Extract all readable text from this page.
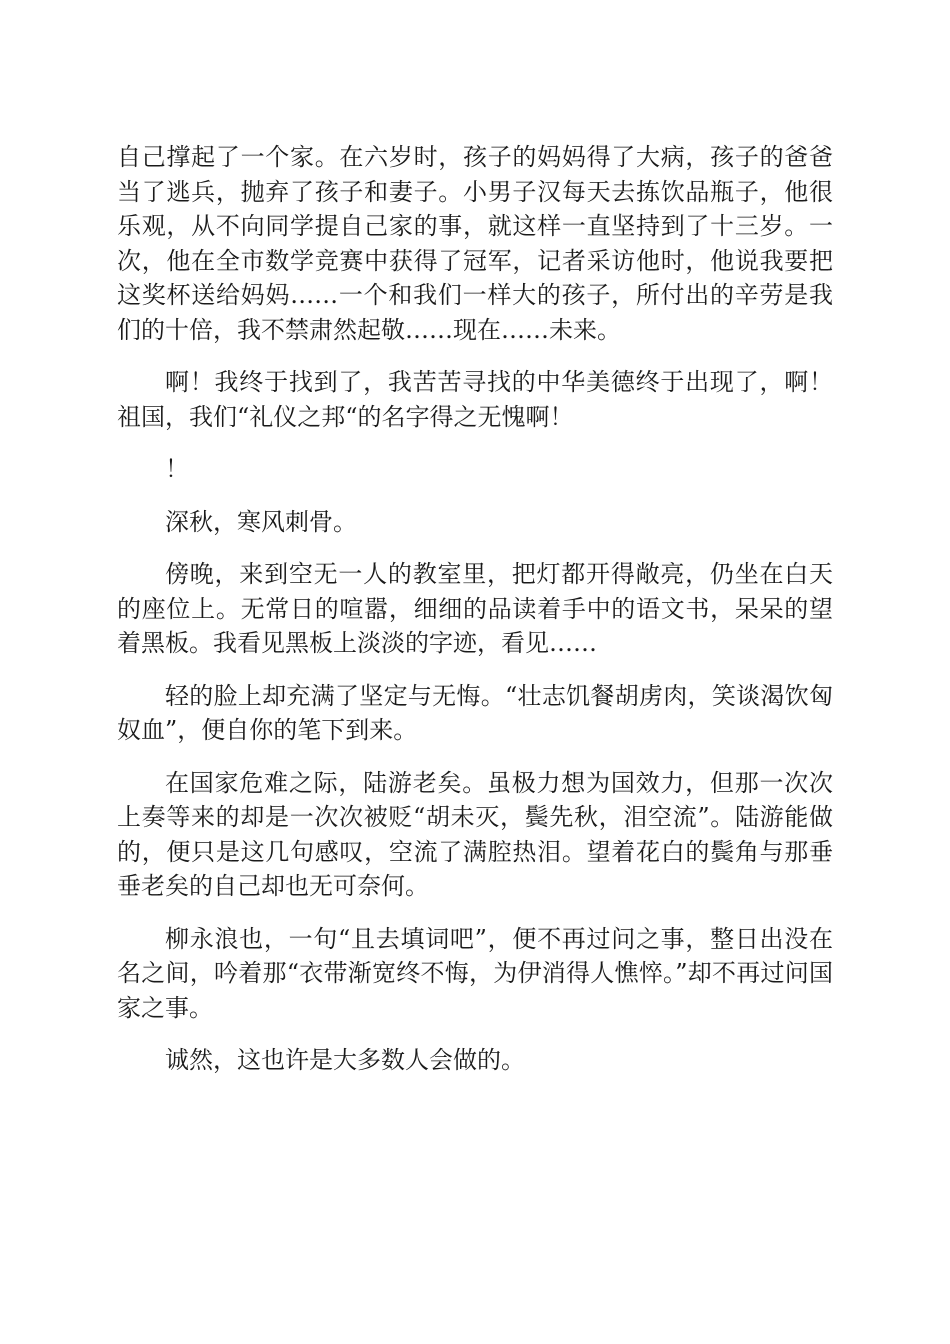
自己撑起了一个家。在六岁时，孩子的妈妈得了大病，孩子的爸爸当了逃兵，抛弃了孩子和妻子。小男子汉每天去拣饮品瓶子，他很乐观，从不向同学提自己家的事，就这样一直坚持到了十三岁。一次，他在全市数学竞赛中获得了冠军，记者采访他时，他说我要把这奖杯送给妈妈……一个和我们一样大的孩子，所付出的辛劳是我们的十倍，我不禁肃然起敬……现在……未来。

啊！我终于找到了，我苦苦寻找的中华美德终于出现了，啊！祖国，我们“礼仪之邦“的名字得之无愧啊！

！

深秋，寒风刺骨。

傍晚，来到空无一人的教室里，把灯都开得敞亮，仍坐在白天的座位上。无常日的喧嚣，细细的品读着手中的语文书，呆呆的望着黑板。我看见黑板上淡淡的字迹，看见……

轻的脸上却充满了坚定与无悔。“壮志饥餐胡虏肉，笑谈渴饮匈奴血”，便自你的笔下到来。

在国家危难之际，陆游老矣。虽极力想为国效力，但那一次次上奏等来的却是一次次被贬“胡未灭，鬓先秋，泪空流”。陆游能做的，便只是这几句感叹，空流了满腔热泪。望着花白的鬓角与那垂垂老矣的自己却也无可奈何。

柳永浪也，一句“且去填词吧”，便不再过问之事，整日出没在名之间，吟着那“衣带渐宽终不悔，为伊消得人憔悴。”却不再过问国家之事。

诚然，这也许是大多数人会做的。
